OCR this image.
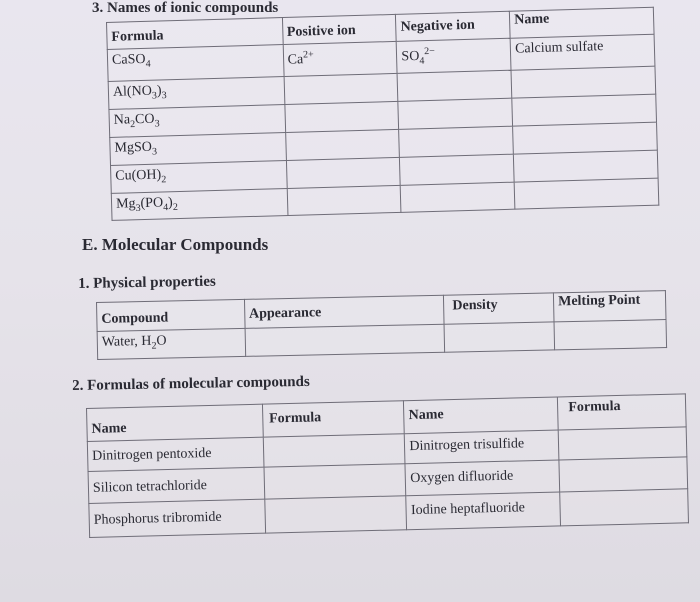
3. Names of ionic compounds
Formula	Positive ion	Negative ion	Name
CaSO$_4$	$Ca^{2+}$	$SO_4^{2-}$	Calcium sulfate
$Al(NO_3)_3$			
$Na_2CO_3$			
MgSO$_3$			
$Cu(OH)_2$			
$Mg_3(PO_4)_2$			
E. Molecular Compounds
1. Physical properties
Compound	Appearance	Density	Melting Point
Water, $H_2O$			
2. Formulas of molecular compounds
Name	Formula	Name	Formula
Dinitrogen pentoxide		Dinitrogen trisulfide	
Silicon tetrachloride		Oxygen difluoride	
Phosphorus tribromide		Iodine heptafluoride	
